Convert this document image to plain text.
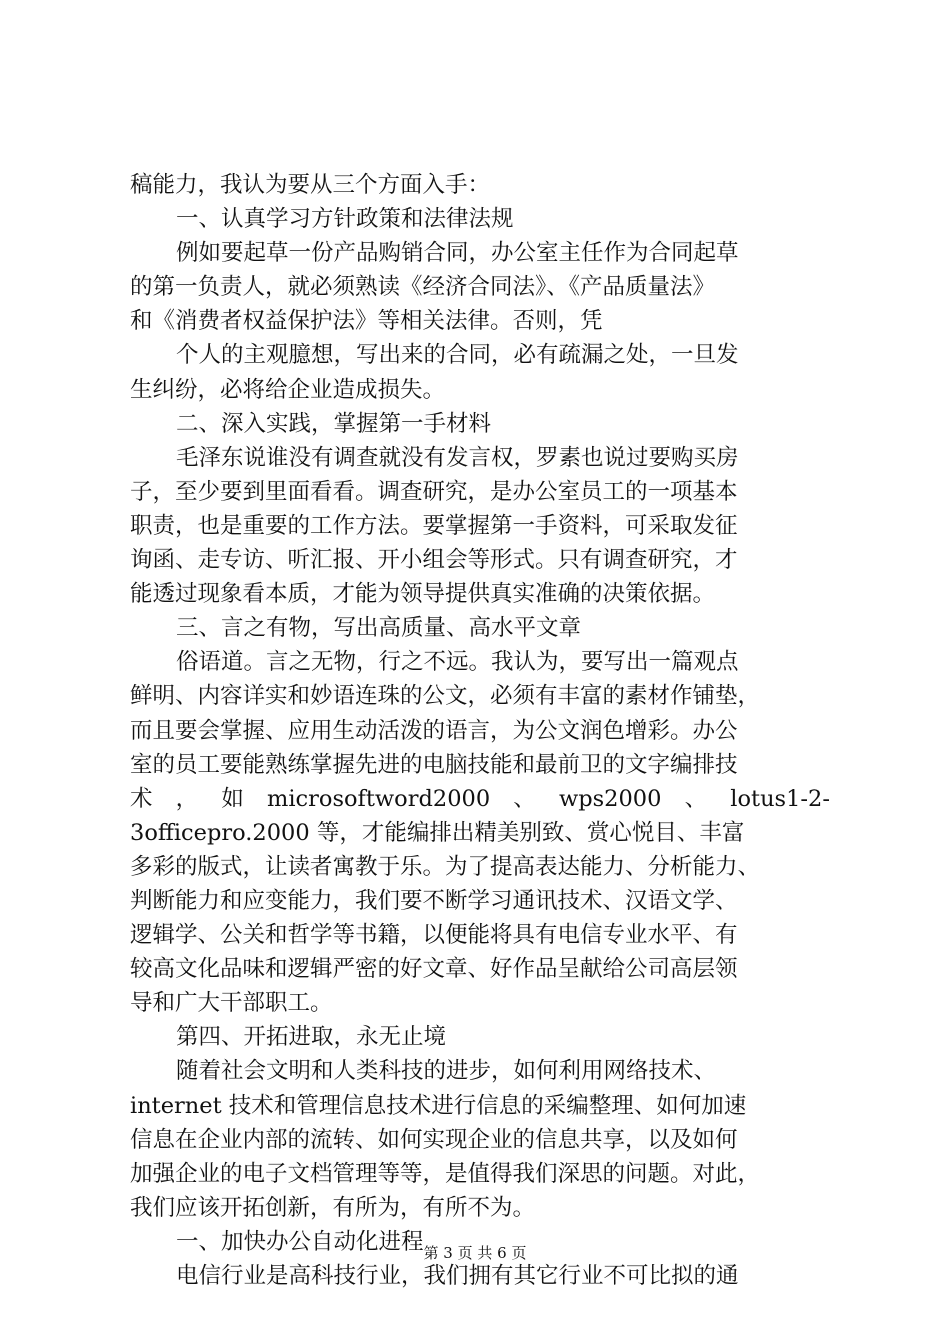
稿能力，我认为要从三个方面入手：
一、认真学习方针政策和法律法规
例如要起草一份产品购销合同，办公室主任作为合同起草
的第一负责人，就必须熟读《经济合同法》、《产品质量法》
和《消费者权益保护法》等相关法律。否则，凭
个人的主观臆想，写出来的合同，必有疏漏之处，一旦发
生纠纷，必将给企业造成损失。
二、深入实践，掌握第一手材料
毛泽东说谁没有调查就没有发言权，罗素也说过要购买房
子，至少要到里面看看。调查研究，是办公室员工的一项基本
职责，也是重要的工作方法。要掌握第一手资料，可采取发征
询函、走专访、听汇报、开小组会等形式。只有调查研究，才
能透过现象看本质，才能为领导提供真实准确的决策依据。
三、言之有物，写出高质量、高水平文章
俗语道。言之无物，行之不远。我认为，要写出一篇观点
鲜明、内容详实和妙语连珠的公文，必须有丰富的素材作铺垫，
而且要会掌握、应用生动活泼的语言，为公文润色增彩。办公
室的员工要能熟练掌握先进的电脑技能和最前卫的文字编排技
术 ， 如 microsoftword2000 、 wps2000 、 lotus1-2-
3officepro.2000 等，才能编排出精美别致、赏心悦目、丰富
多彩的版式，让读者寓教于乐。为了提高表达能力、分析能力、
判断能力和应变能力，我们要不断学习通讯技术、汉语文学、
逻辑学、公关和哲学等书籍，以便能将具有电信专业水平、有
较高文化品味和逻辑严密的好文章、好作品呈献给公司高层领
导和广大干部职工。
第四、开拓进取，永无止境
随着社会文明和人类科技的进步，如何利用网络技术、
internet 技术和管理信息技术进行信息的采编整理、如何加速
信息在企业内部的流转、如何实现企业的信息共享，以及如何
加强企业的电子文档管理等等，是值得我们深思的问题。对此，
我们应该开拓创新，有所为，有所不为。
一、加快办公自动化进程
电信行业是高科技行业，我们拥有其它行业不可比拟的通
第 3 页 共 6 页
